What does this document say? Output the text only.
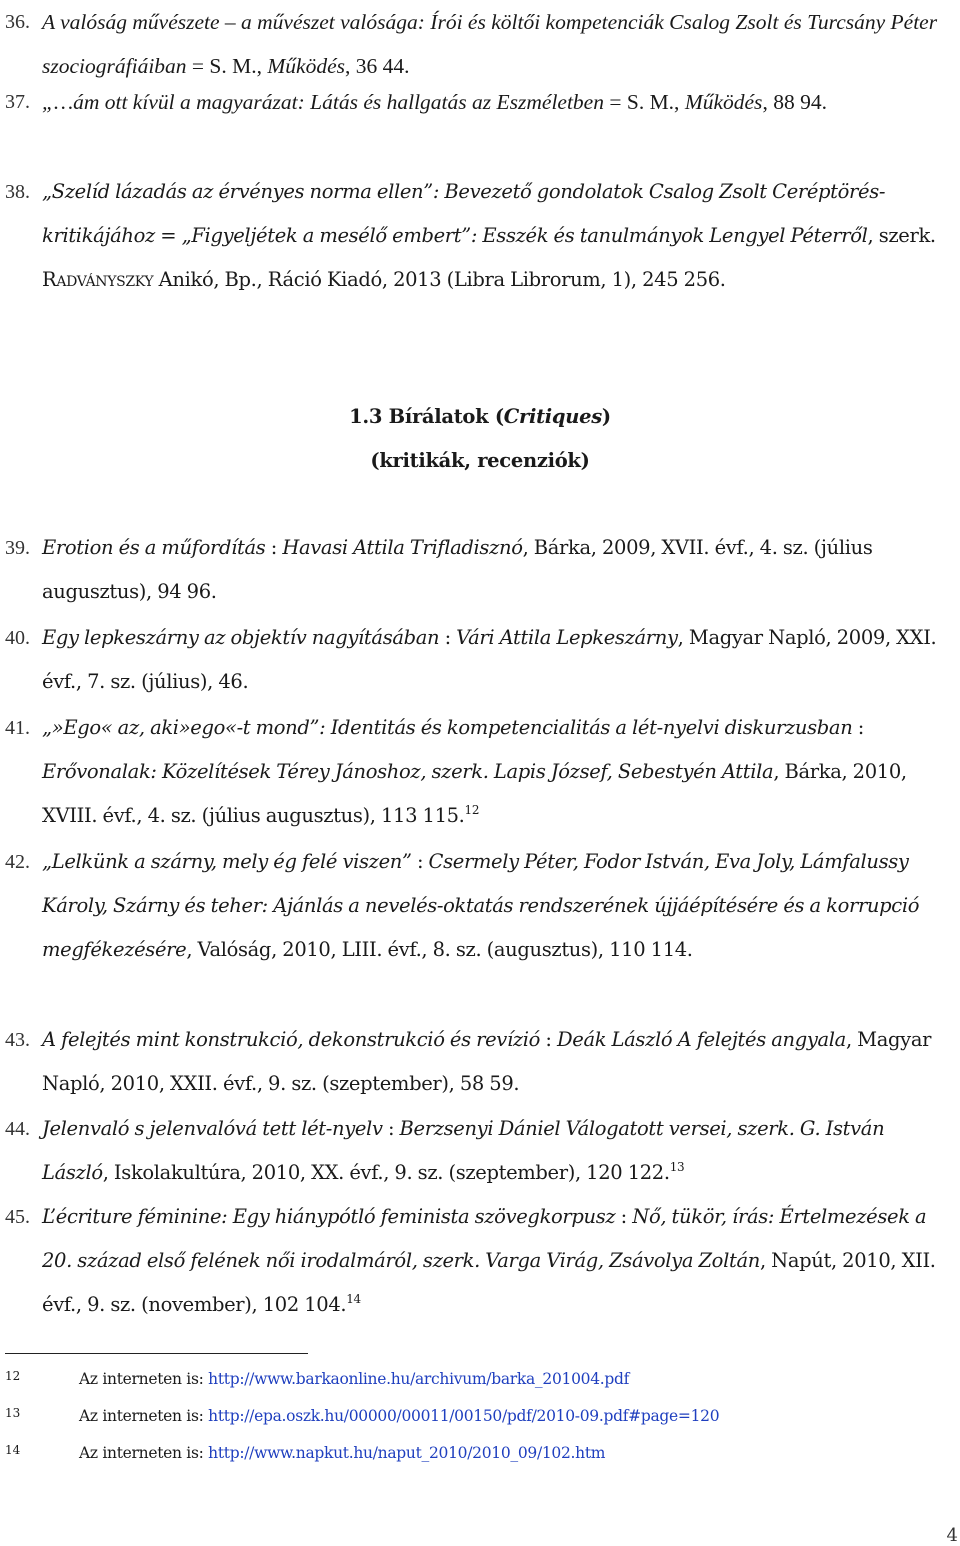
36. A valóság művészete – a művészet valósága: Írói és költői kompetenciák Csalog Zsolt és Turcsány Péter szociográfiáiban = S. M., Működés, 36 44.
37. „…ám ott kívül a magyarázat: Látás és hallgatás az Eszméletben = S. M., Működés, 88 94.
38. „Szelíd lázadás az érvényes norma ellen”: Bevezető gondolatok Csalog Zsolt Ceréptörés-kritikájához = „Figyeljétek a mesélő embert”: Esszék és tanulmányok Lengyel Péterről, szerk. Radványszky Anikó, Bp., Ráció Kiadó, 2013 (Libra Librorum, 1), 245 256.
1.3 Bírálatok (Critiques)
(kritikák, recenziók)
39. Erotion és a műfordítás : Havasi Attila Trifladisznó, Bárka, 2009, XVII. évf., 4. sz. (július augusztus), 94 96.
40. Egy lepkeszárny az objektív nagyításában : Vári Attila Lepkeszárny, Magyar Napló, 2009, XXI. évf., 7. sz. (július), 46.
41. „»Ego« az, aki»ego«-t mond”: Identitás és kompetencialitás a lét-nyelvi diskurzusban : Erővonalak: Közelítések Térey Jánoshoz, szerk. Lapis József, Sebestyén Attila, Bárka, 2010, XVIII. évf., 4. sz. (július augusztus), 113 115.12
42. „Lelkünk a szárny, mely ég felé viszen” : Csermely Péter, Fodor István, Eva Joly, Lámfalussy Károly, Szárny és teher: Ajánlás a nevelés-oktatás rendszerének újjáépítésére és a korrupció megfékezésére, Valóság, 2010, LIII. évf., 8. sz. (augusztus), 110 114.
43. A felejtés mint konstrukció, dekonstrukció és revízió : Deák László A felejtés angyala, Magyar Napló, 2010, XXII. évf., 9. sz. (szeptember), 58 59.
44. Jelenvaló s jelenvalóvá tett lét-nyelv : Berzsenyi Dániel Válogatott versei, szerk. G. István László, Iskolakultúra, 2010, XX. évf., 9. sz. (szeptember), 120 122.13
45. L’écriture féminine: Egy hiánypótló feminista szövegkorpusz : Nő, tükör, írás: Értelmezések a 20. század első felének női irodalmáról, szerk. Varga Virág, Zsávolya Zoltán, Napút, 2010, XII. évf., 9. sz. (november), 102 104.14
12	Az interneten is: http://www.barkaonline.hu/archivum/barka_201004.pdf
13	Az interneten is: http://epa.oszk.hu/00000/00011/00150/pdf/2010-09.pdf#page=120
14	Az interneten is: http://www.napkut.hu/naput_2010/2010_09/102.htm
4
